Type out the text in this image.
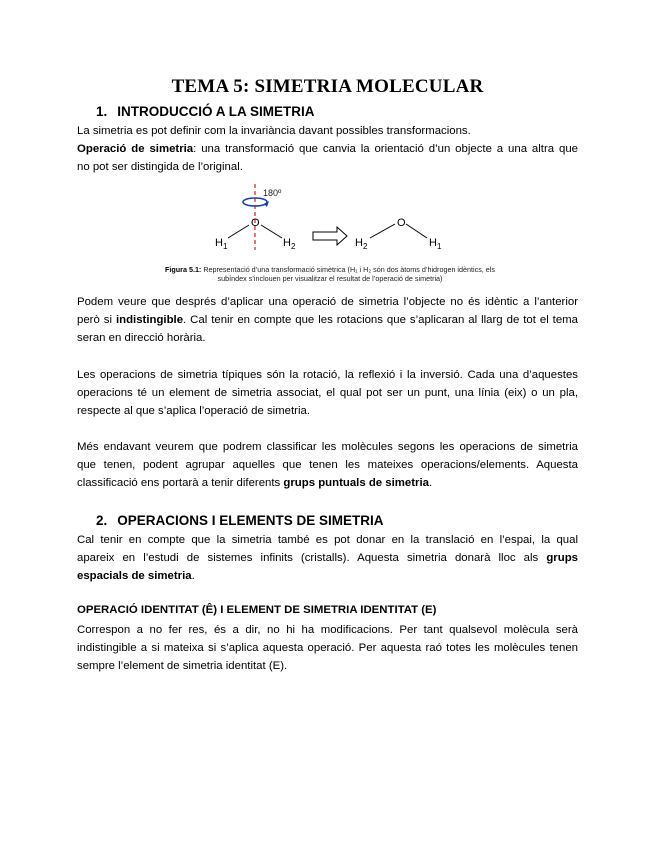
TEMA 5: SIMETRIA MOLECULAR
1. INTRODUCCIÓ A LA SIMETRIA
La simetria es pot definir com la invariància davant possibles transformacions.
Operació de simetria: una transformació que canvia la orientació d’un objecte a una altra que
no pot ser distingida de l’original.
180º
O
$H_1$	$H_2$
O
$H_2$	$H_1$
Figura 5.1: Representació d’una transformació simètrica (H₁ i H₂ són dos àtoms d’hidrogen idèntics, els
subíndex s’inclouen per visualitzar el resultat de l’operació de simetria)
Podem veure que després d’aplicar una operació de simetria l’objecte no és idèntic a l’anterior
però si indistingible. Cal tenir en compte que les rotacions que s’aplicaran al llarg de tot el tema
seran en direcció horària.
Les operacions de simetria típiques són la rotació, la reflexió i la inversió. Cada una d’aquestes
operacions té un element de simetria associat, el qual pot ser un punt, una línia (eix) o un pla,
respecte al que s’aplica l’operació de simetria.
Més endavant veurem que podrem classificar les molècules segons les operacions de simetria
que tenen, podent agrupar aquelles que tenen les mateixes operacions/elements. Aquesta
classificació ens portarà a tenir diferents grups puntuals de simetria.
2. OPERACIONS I ELEMENTS DE SIMETRIA
Cal tenir en compte que la simetria també es pot donar en la translació en l’espai, la qual
apareix en l’estudi de sistemes infinits (cristalls). Aquesta simetria donarà lloc als grups
espacials de simetria.
OPERACIÓ IDENTITAT (Ê) I ELEMENT DE SIMETRIA IDENTITAT (E)
Correspon a no fer res, és a dir, no hi ha modificacions. Per tant qualsevol molècula serà
indistingible a si mateixa si s’aplica aquesta operació. Per aquesta raó totes les molècules tenen
sempre l’element de simetria identitat (E).
